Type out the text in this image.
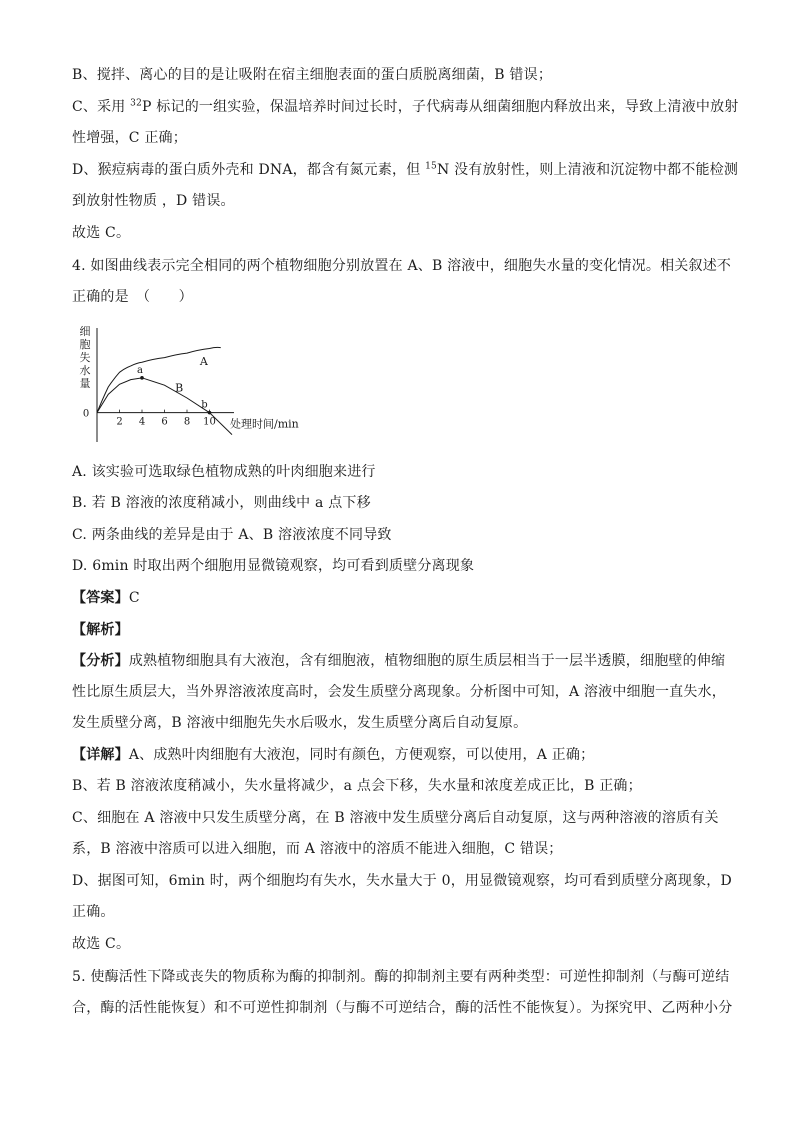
B、搅拌、离心的目的是让吸附在宿主细胞表面的蛋白质脱离细菌，B 错误；
C、采用 $^{32}$P 标记的一组实验，保温培养时间过长时，子代病毒从细菌细胞内释放出来，导致上清液中放射
性增强，C 正确；
D、猴痘病毒的蛋白质外壳和 DNA，都含有氮元素，但 $^{15}$N 没有放射性，则上清液和沉淀物中都不能检测
到放射性物质 ，D 错误。
故选 C。
4. 如图曲线表示完全相同的两个植物细胞分别放置在 A、B 溶液中，细胞失水量的变化情况。相关叙述不
正确的是　（　　）
细
胞
失
水
量
0
2 4 6 8 10 处理时间/min
A
B
a
b
A. 该实验可选取绿色植物成熟的叶肉细胞来进行
B. 若 B 溶液的浓度稍减小，则曲线中 a 点下移
C. 两条曲线的差异是由于 A、B 溶液浓度不同导致
D. 6min 时取出两个细胞用显微镜观察，均可看到质壁分离现象
【答案】C
【解析】
【分析】成熟植物细胞具有大液泡，含有细胞液，植物细胞的原生质层相当于一层半透膜，细胞壁的伸缩
性比原生质层大，当外界溶液浓度高时，会发生质壁分离现象。分析图中可知，A 溶液中细胞一直失水，
发生质壁分离，B 溶液中细胞先失水后吸水，发生质壁分离后自动复原。
【详解】A、成熟叶肉细胞有大液泡，同时有颜色，方便观察，可以使用，A 正确；
B、若 B 溶液浓度稍减小，失水量将减少，a 点会下移，失水量和浓度差成正比，B 正确；
C、细胞在 A 溶液中只发生质壁分离，在 B 溶液中发生质壁分离后自动复原，这与两种溶液的溶质有关
系，B 溶液中溶质可以进入细胞，而 A 溶液中的溶质不能进入细胞，C 错误；
D、据图可知，6min 时，两个细胞均有失水，失水量大于 0，用显微镜观察，均可看到质壁分离现象，D
正确。
故选 C。
5. 使酶活性下降或丧失的物质称为酶的抑制剂。酶的抑制剂主要有两种类型：可逆性抑制剂（与酶可逆结
合，酶的活性能恢复）和不可逆性抑制剂（与酶不可逆结合，酶的活性不能恢复）。为探究甲、乙两种小分
